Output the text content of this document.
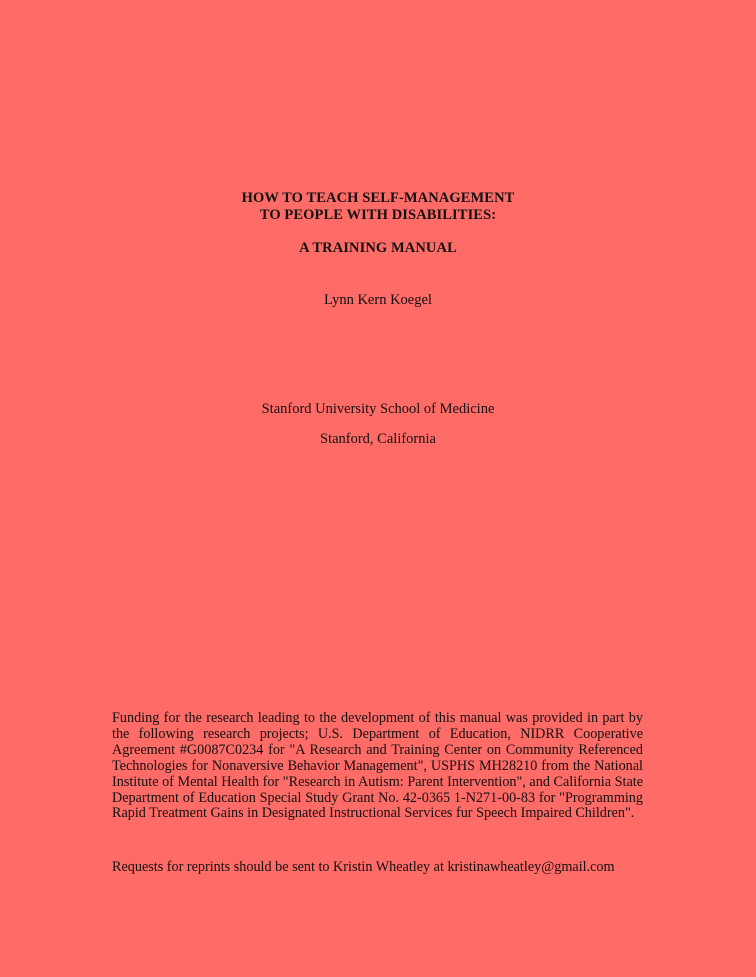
HOW TO TEACH SELF-MANAGEMENT
TO PEOPLE WITH DISABILITIES:
A TRAINING MANUAL
Lynn Kern Koegel
Stanford University School of Medicine
Stanford, California
Funding for the research leading to the development of this manual was provided in part by the following research projects; U.S. Department of Education, NIDRR Cooperative Agreement #G0087C0234 for "A Research and Training Center on Community Referenced Technologies for Nonaversive Behavior Management", USPHS MH28210 from the National Institute of Mental Health for "Research in Autism: Parent Intervention", and California State Department of Education Special Study Grant No. 42-0365 1-N271-00-83 for "Programming Rapid Treatment Gains in Designated Instructional Services fur Speech Impaired Children".
Requests for reprints should be sent to Kristin Wheatley at kristinawheatley@gmail.com
